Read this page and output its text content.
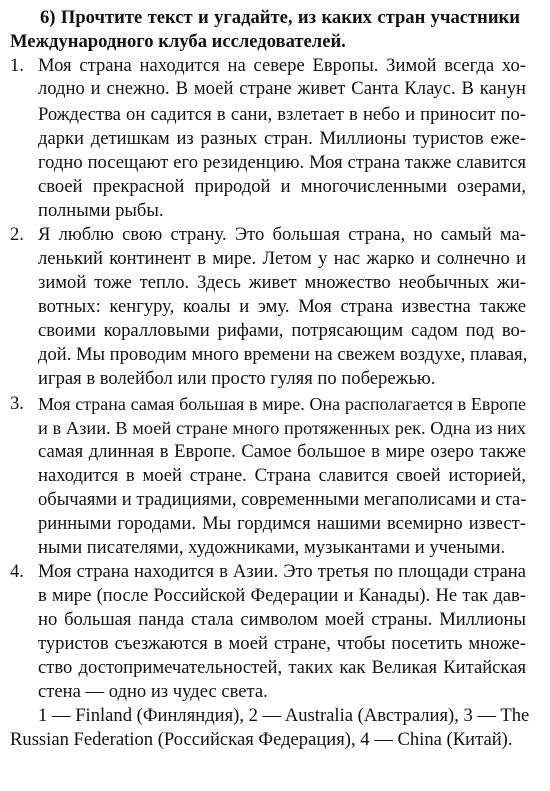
6) Прочтите текст и угадайте, из каких стран участники
Международного клуба исследователей.
1. Моя страна находится на севере Европы. Зимой всегда хо-
лодно и снежно. В моей стране живет Санта Клаус. В канун
Рождества он садится в сани, взлетает в небо и приносит по-
дарки детишкам из разных стран. Миллионы туристов ежe-
годно посещают его резиденцию. Моя страна также славится
своей прекрасной природой и многочисленными озерами,
полными рыбы.
2. Я люблю свою страну. Это большая страна, но самый ма-
ленький континент в мире. Летом у нас жарко и солнечно и
зимой тоже тепло. Здесь живет множество необычных жи-
вотных: кенгуру, коалы и эму. Моя страна известна также
своими коралловыми рифами, потрясающим садом под во-
дой. Мы проводим много времени на свежем воздухе, плавая,
играя в волейбол или просто гуляя по побережью.
3. Моя страна самая большая в мире. Она располагается в Европе
и в Азии. В моей стране много протяженных рек. Одна из них
самая длинная в Европе. Самое большое в мире озеро также
находится в моей стране. Страна славится своей историей,
обычаями и традициями, современными мегаполисами и ста-
ринными городами. Мы гордимся нашими всемирно извест-
ными писателями, художниками, музыкантами и учеными.
4. Моя страна находится в Азии. Это третья по площади страна
в мире (после Российской Федерации и Канады). Не так дав-
но большая панда стала символом моей страны. Миллионы
туристов съезжаются в моей стране, чтобы посетить множе-
ство достопримечательностей, таких как Великая Китайская
стена — одно из чудес света.
1 — Finland (Финляндия), 2 — Australia (Австралия), 3 — The
Russian Federation (Российская Федерация), 4 — China (Китай).
